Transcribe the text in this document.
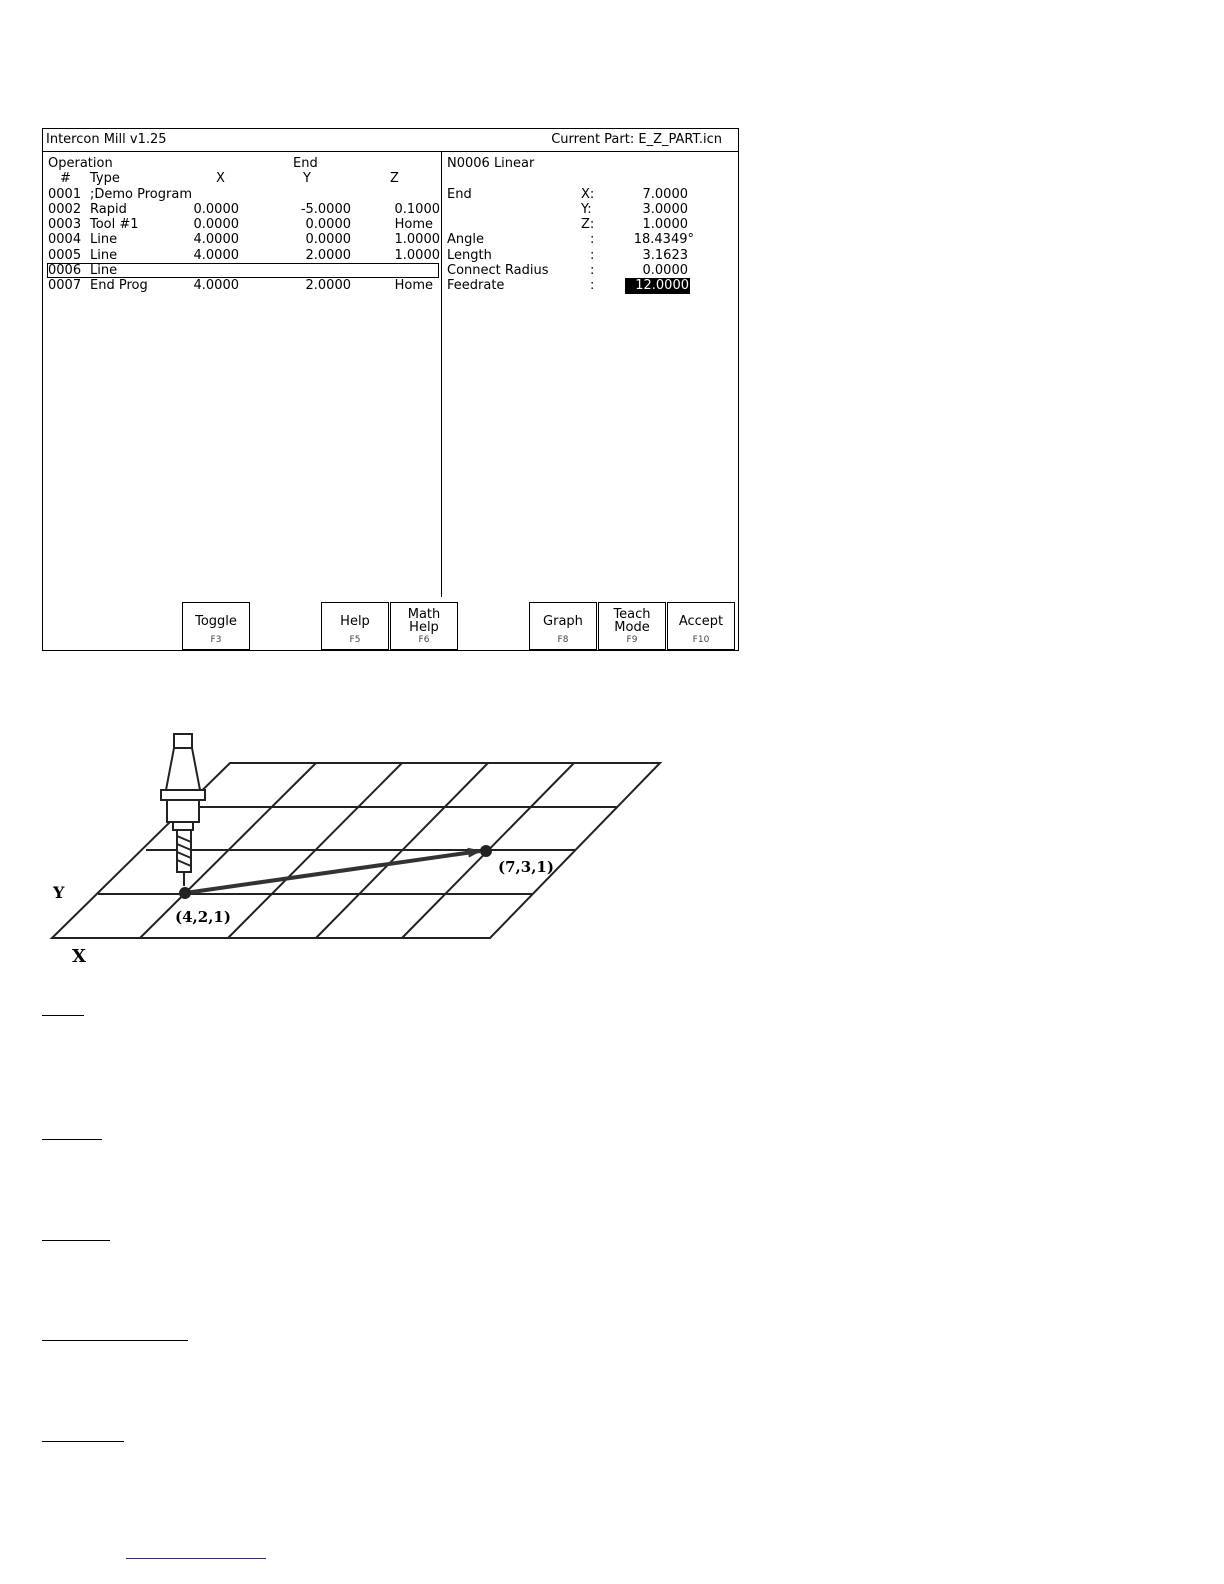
Intercon Mill v1.25	Current Part: E_Z_PART.icn
Operation	End
# Type	X	Y	Z
0001 ;Demo Program
0002 Rapid	0.0000	-5.0000	0.1000
0003 Tool #1	0.0000	0.0000	Home
0004 Line	4.0000	0.0000	1.0000
0005 Line	4.0000	2.0000	1.0000
0006 Line
0007 End Prog	4.0000	2.0000	Home
N0006 Linear
End	X:	7.0000
Y:	3.0000
Z:	1.0000
Angle	:	18.4349°
Length	:	3.1623
Connect Radius	:	0.0000
Feedrate	:	12.0000
Toggle
F3
Help
F5
Math
Help
F6
Graph
F8
Teach
Mode
F9
Accept
F10
Y
X
(4,2,1)
(7,3,1)
